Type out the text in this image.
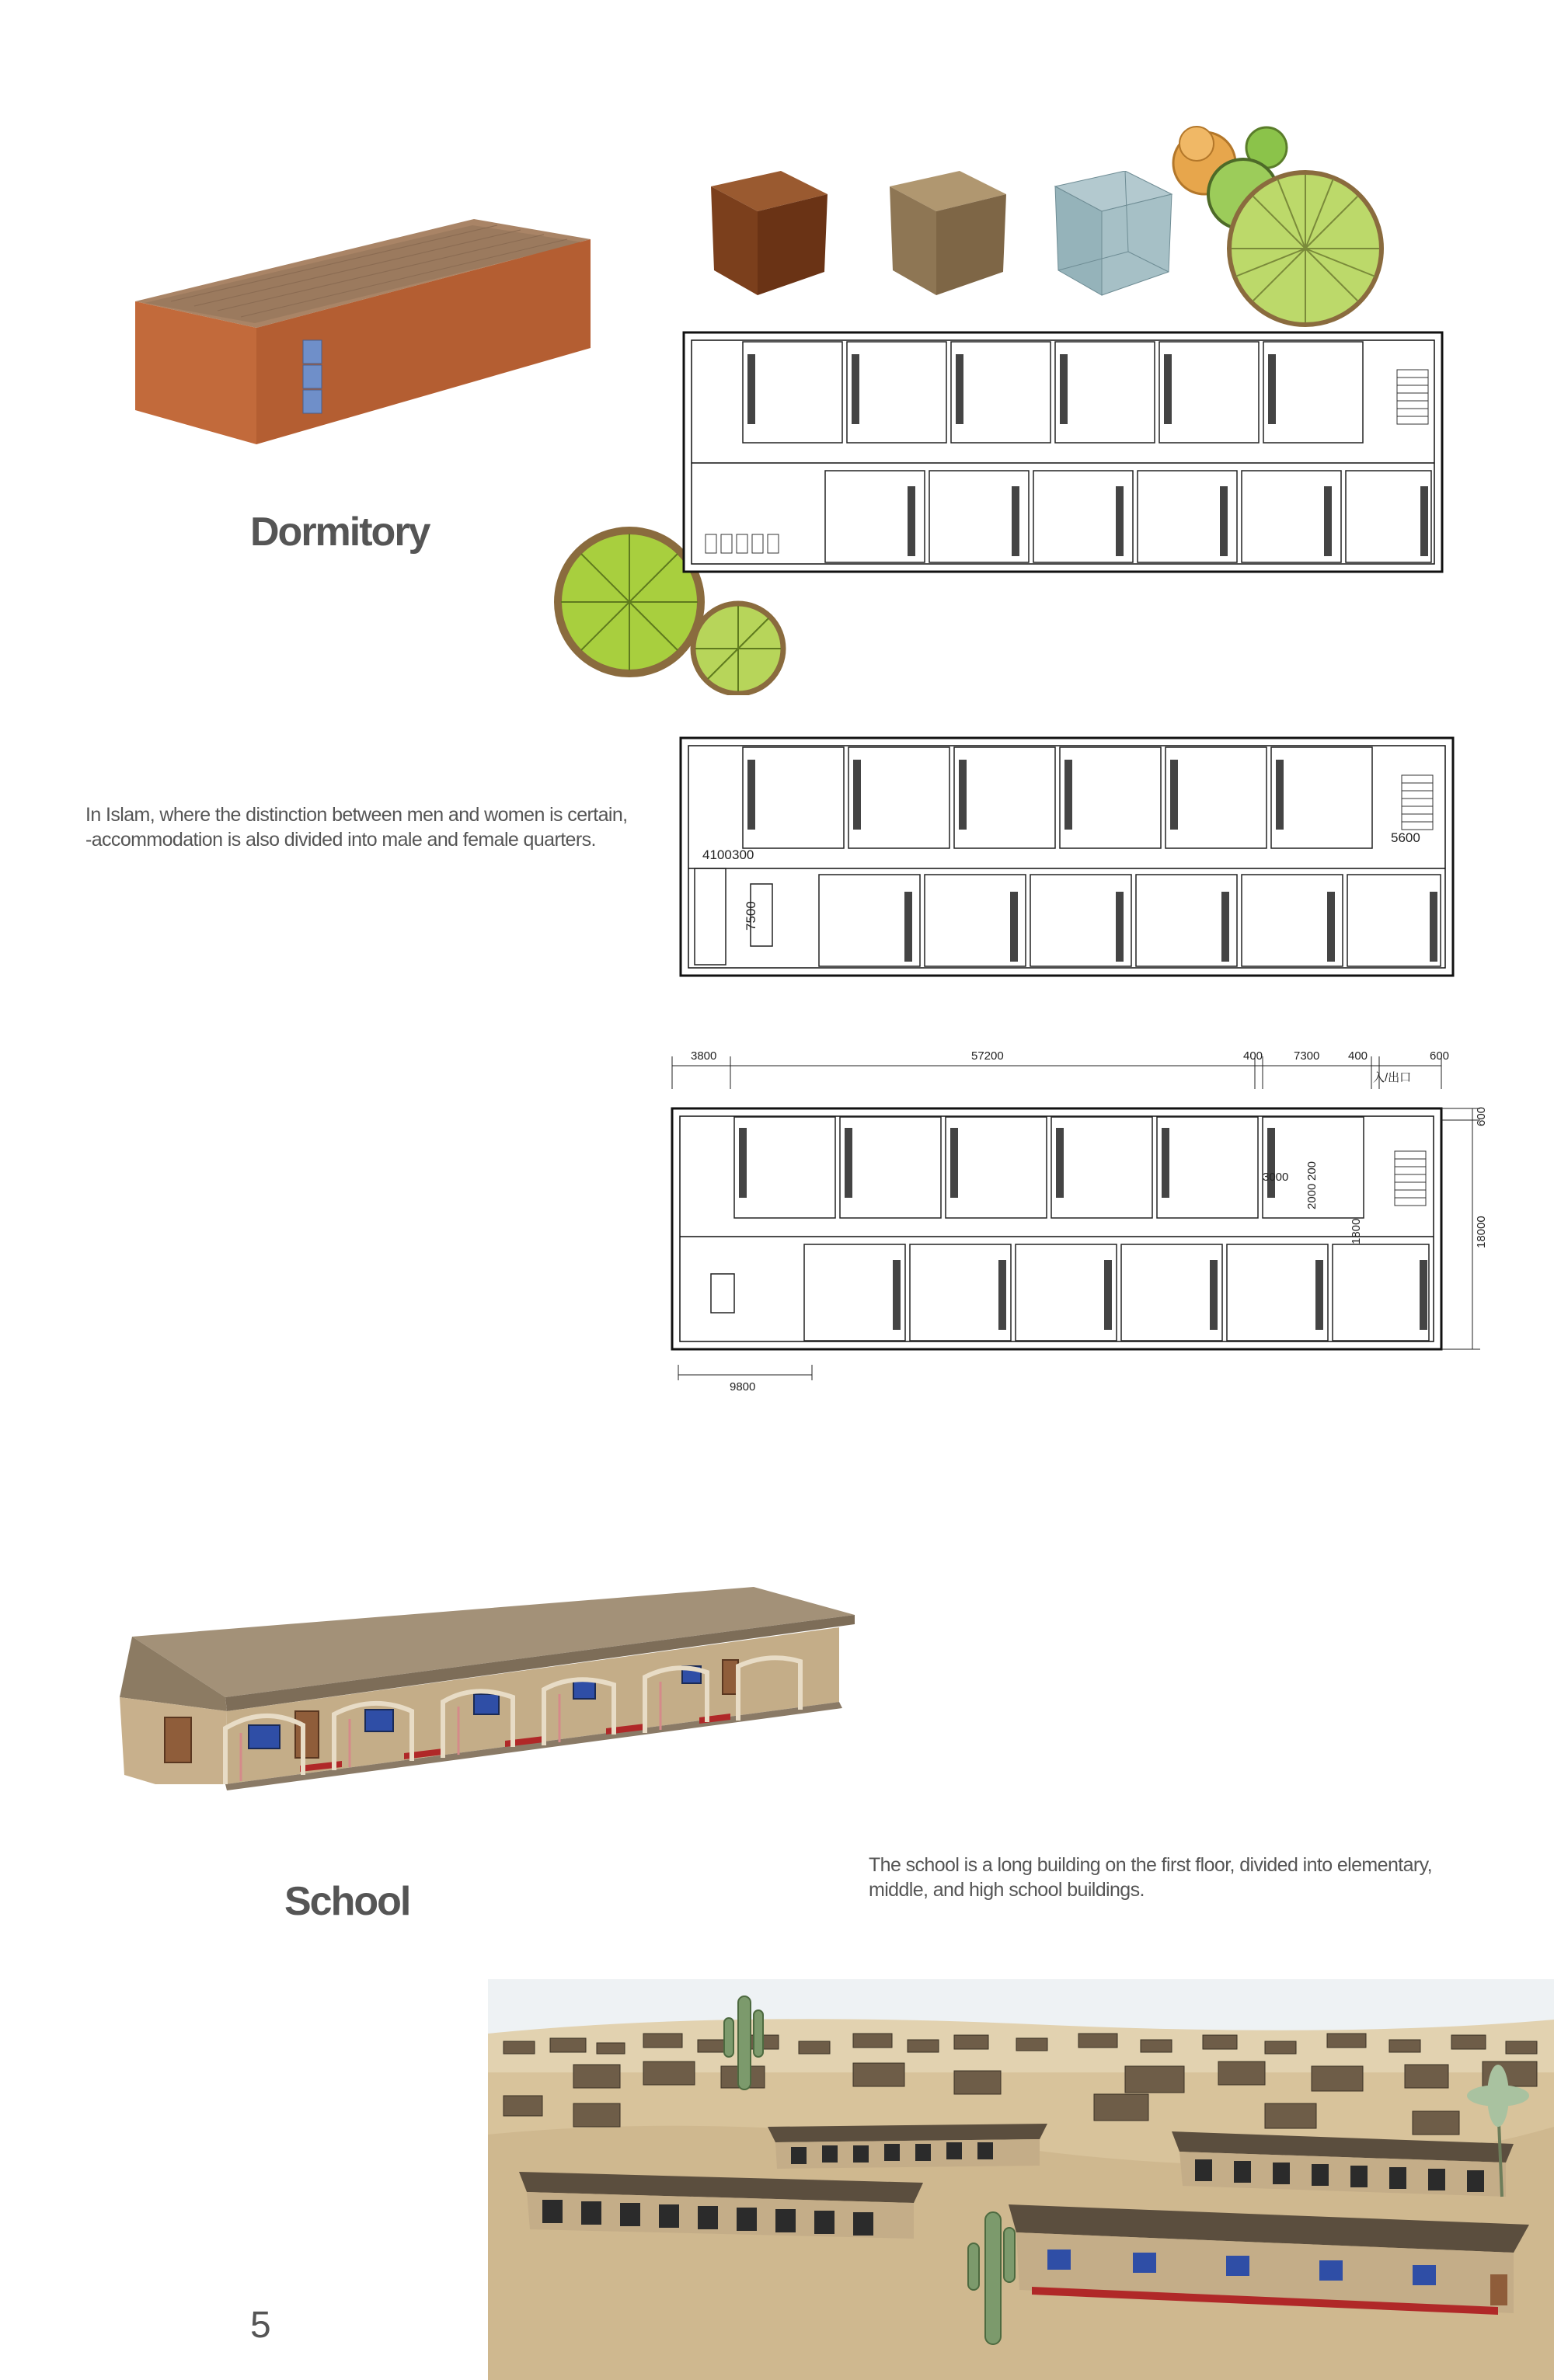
Dormitory
4100 300
7500
5600
In Islam, where the distinction between men and women is certain,
-accommodation is also divided into male and female quarters.
3800	57200	400	7300 400	600
入/出口
3000
2000
200
1800
600
18000
9800
School
The school is a long building on the first floor, divided into elementary,
middle, and high school buildings.
5
